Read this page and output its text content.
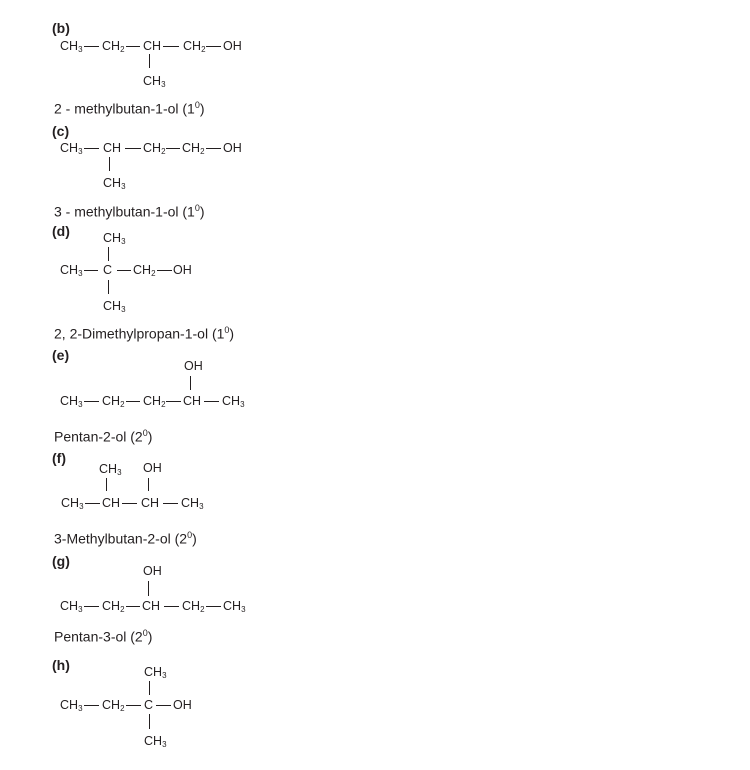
(b)
$CH_3$ $CH_2$ CH $CH_2$ OH
$CH_3$
2 - methylbutan-1-ol $(1^0)$
(c)
$CH_3$ CH $CH_2$ $CH_2$ OH
$CH_3$
3 - methylbutan-1-ol $(1^0)$
(d)	$CH_3$
$CH_3$ C $CH_2$ OH
$CH_3$
2, 2-Dimethylpropan-1-ol $(1^0)$
(e)
OH
$CH_3$ $CH_2$ $CH_2$ CH $CH_3$
Pentan-2-ol $(2^0)$
(f)
$CH_3$ OH
$CH_3$ CH CH $CH_3$
3-Methylbutan-2-ol $(2^0)$
(g)
OH
$CH_3$ $CH_2$ CH $CH_2$ $CH_3$
Pentan-3-ol $(2^0)$
(h)	$CH_3$
$CH_3$ $CH_2$ C OH
$CH_3$
